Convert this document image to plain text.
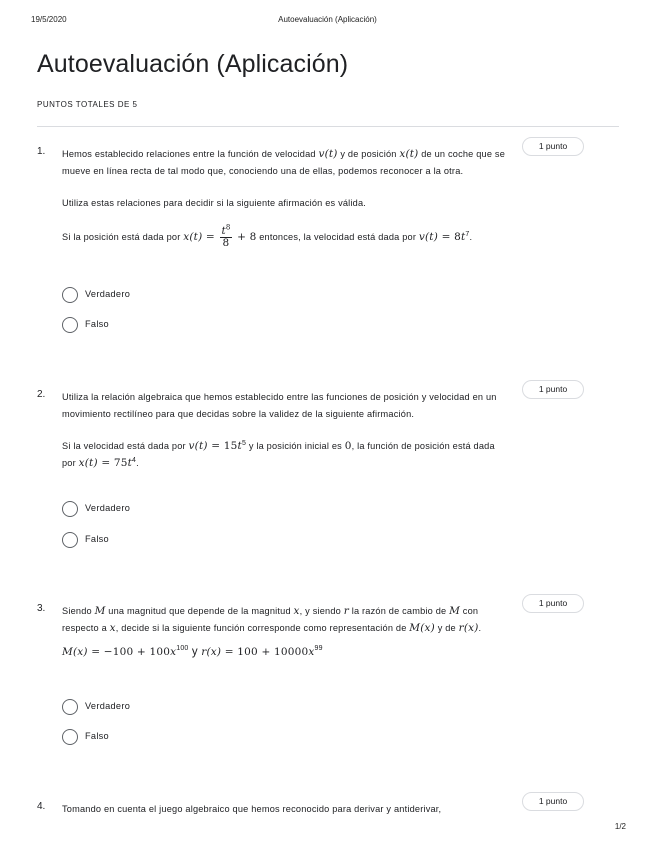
19/5/2020	Autoevaluación (Aplicación)
Autoevaluación (Aplicación)
PUNTOS TOTALES DE 5
1.	1 punto

Hemos establecido relaciones entre la función de velocidad v(t) y de posición x(t) de un coche que se mueve en línea recta de tal modo que, conociendo una de ellas, podemos reconocer a la otra.

Utiliza estas relaciones para decidir si la siguiente afirmación es válida.

Si la posición está dada por $x(t) = \frac{t^8}{8} + 8$ entonces, la velocidad está dada por $v(t) = 8t^7$.

Verdadero
Falso
2.	1 punto

Utiliza la relación algebraica que hemos establecido entre las funciones de posición y velocidad en un movimiento rectilíneo para que decidas sobre la validez de la siguiente afirmación.

Si la velocidad está dada por $v(t) = 15t^5$ y la posición inicial es 0, la función de posición está dada por $x(t) = 75t^4$.

Verdadero
Falso
3.	1 punto

Siendo M una magnitud que depende de la magnitud x, y siendo r la razón de cambio de M con respecto a x, decide si la siguiente función corresponde como representación de M(x) y de r(x).

$M(x) = -100 + 100x^{100}$ y $r(x) = 100 + 10000x^{99}$

Verdadero
Falso
4.	1 punto

Tomando en cuenta el juego algebraico que hemos reconocido para derivar y antiderivar,

1/2
